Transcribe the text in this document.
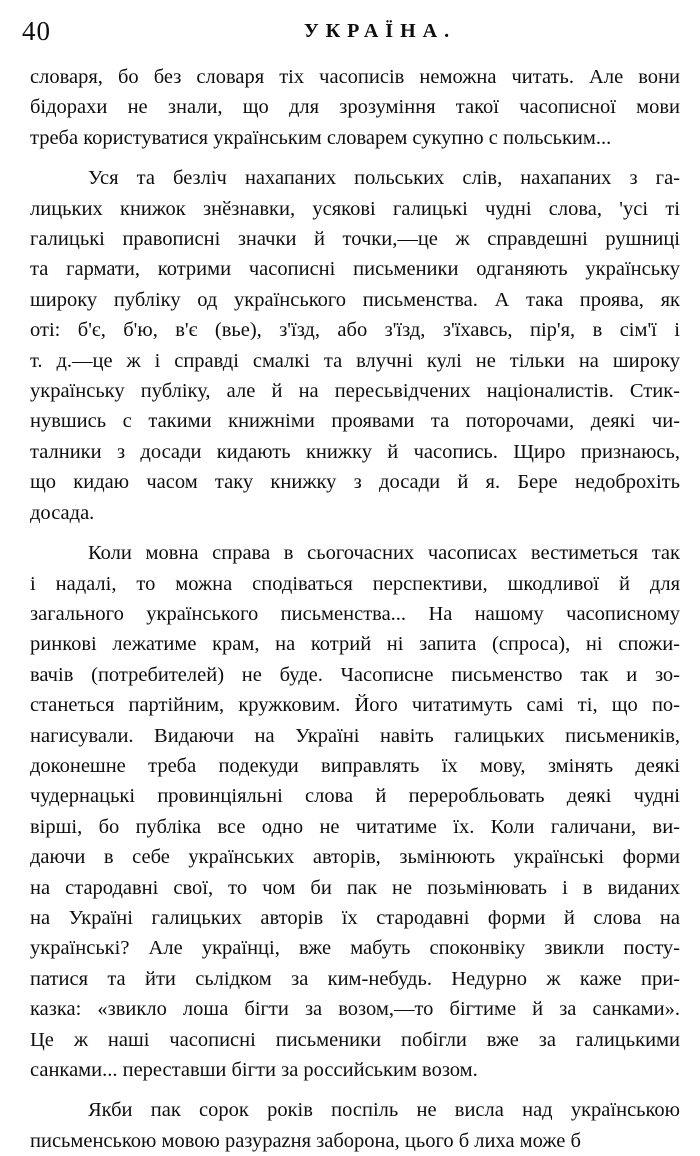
40	УКРАЇНА.
словаря, бо без словаря тіх часописів неможна читать. Але вони
бідорахи не знали, що для зрозуміння такої часописної мови
треба користуватися українським словарем сукупно с польським...
Уся та безліч нахапаних польських слів, нахапаних з га-
лицьких книжок знӗзнавки, усякові галицькі чудні слова, 'усі ті
галицькі правописні значки й точки,—це ж справдешні рушниці
та гармати, котрими часописні письменики одганяють українську
широку публіку од українського письменства. А така проява, як
оті: б'є, б'ю, в'є (вье), з'їзд, або з'їзд, з'їхавсь, пір'я, в сім'ї і
т. д.—це ж і справді смалкі та влучні кулі не тільки на широку
українську публіку, але й на пересьвідчених націоналистів. Стик-
нувшись с такими книжніми проявами та поторочами, деякі чи-
талники з досади кидають книжку й часопись. Щиро признаюсь,
що кидаю часом таку книжку з досади й я. Бере недоброхіть
досада.
Коли мовна справа в сьогочасних часописах вестиметься так
і надалі, то можна сподіваться перспективи, шкодливої й для
загального українського письменства... На нашому часописному
ринкові лежатиме крам, на котрий ні запита (спроса), ні спожи-
вачів (потребителей) не буде. Часописне письменство так и зо-
станеться партійним, кружковим. Його читатимуть самі ті, що по-
нагисували. Видаючи на Україні навіть галицьких письмеників,
доконешне треба подекуди виправлять їх мову, змінять деякі
чудернацькі провинціяльні слова й переробльовать деякі чудні
вірші, бо публіка все одно не читатиме їх. Коли галичани, ви-
даючи в себе українських авторів, зьмінюють українські форми
на стародавні свої, то чом би пак не позьмінювать і в виданих
на Україні галицьких авторів їх стародавні форми й слова на
українські? Але українці, вже мабуть споконвіку звикли посту-
патися та йти сьлідком за ким-небудь. Недурно ж каже при-
казка: «звикло лоша бігти за возом,—то бігтиме й за санками».
Це ж наші часописні письменики побігли вже за галицькими
санками... переставши бігти за российським возом.
Якби пак сорок років поспіль не висла над українською
письменською мовою разураzня заборона, цього б лиха може б
